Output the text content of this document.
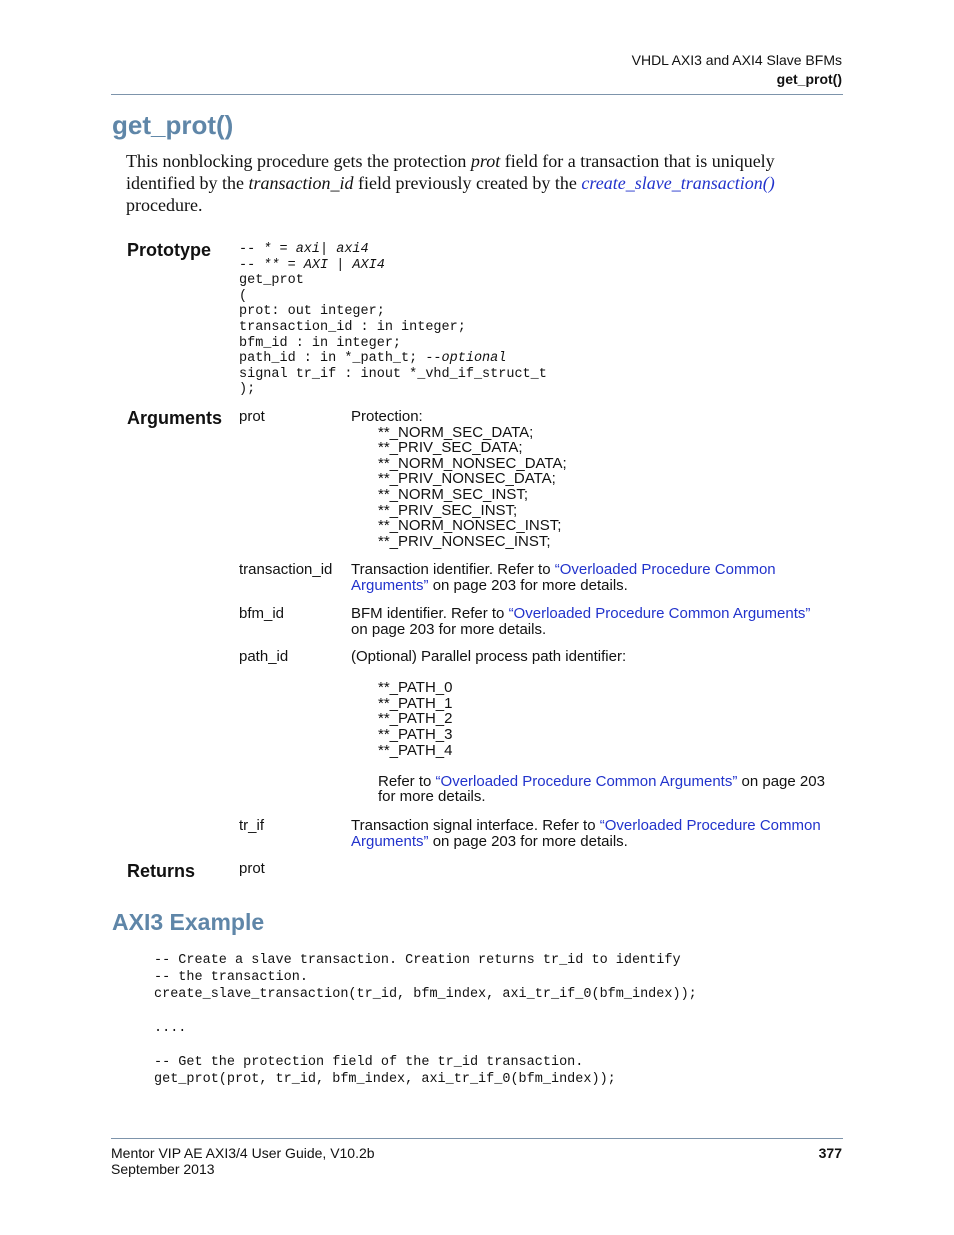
VHDL AXI3 and AXI4 Slave BFMs
get_prot()
get_prot()
This nonblocking procedure gets the protection prot field for a transaction that is uniquely identified by the transaction_id field previously created by the create_slave_transaction() procedure.
Prototype -- * = axi| axi4
-- ** = AXI | AXI4
get_prot
(
prot: out integer;
transaction_id : in integer;
bfm_id : in integer;
path_id : in *_path_t; --optional
signal tr_if : inout *_vhd_if_struct_t
);
Arguments prot	Protection:
**_NORM_SEC_DATA;
**_PRIV_SEC_DATA;
**_NORM_NONSEC_DATA;
**_PRIV_NONSEC_DATA;
**_NORM_SEC_INST;
**_PRIV_SEC_INST;
**_NORM_NONSEC_INST;
**_PRIV_NONSEC_INST;
transaction_id Transaction identifier. Refer to “Overloaded Procedure Common
Arguments” on page 203 for more details.
bfm_id	BFM identifier. Refer to “Overloaded Procedure Common Arguments”
on page 203 for more details.
path_id	(Optional) Parallel process path identifier:

**_PATH_0
**_PATH_1
**_PATH_2
**_PATH_3
**_PATH_4

Refer to “Overloaded Procedure Common Arguments” on page 203
for more details.
tr_if	Transaction signal interface. Refer to “Overloaded Procedure Common
Arguments” on page 203 for more details.
Returns	prot
AXI3 Example
-- Create a slave transaction. Creation returns tr_id to identify
-- the transaction.
create_slave_transaction(tr_id, bfm_index, axi_tr_if_0(bfm_index));

....

-- Get the protection field of the tr_id transaction.
get_prot(prot, tr_id, bfm_index, axi_tr_if_0(bfm_index));
Mentor VIP AE AXI3/4 User Guide, V10.2b
September 2013
377
